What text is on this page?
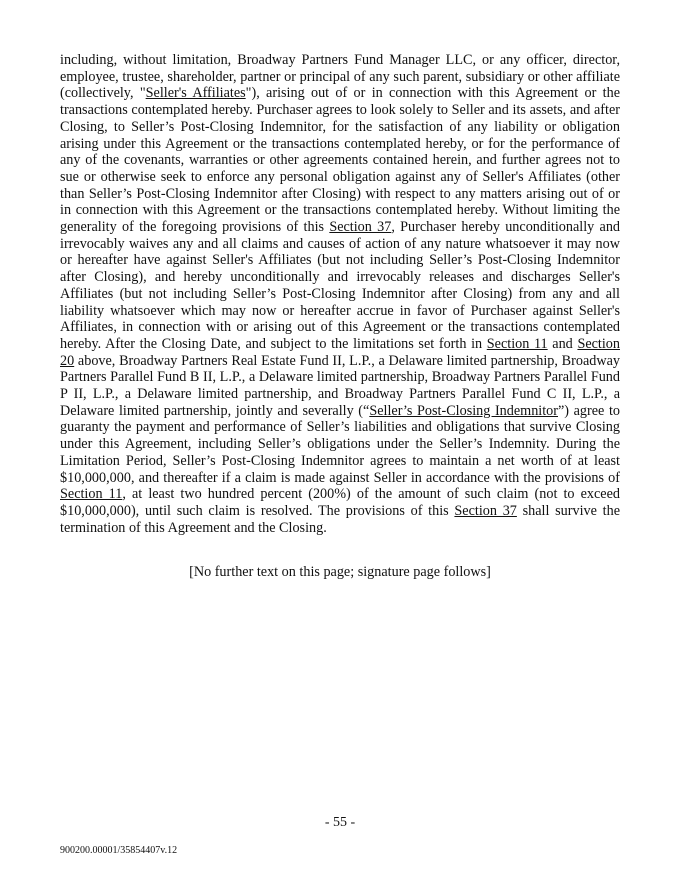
including, without limitation, Broadway Partners Fund Manager LLC, or any officer, director, employee, trustee, shareholder, partner or principal of any such parent, subsidiary or other affiliate (collectively, "Seller's Affiliates"), arising out of or in connection with this Agreement or the transactions contemplated hereby. Purchaser agrees to look solely to Seller and its assets, and after Closing, to Seller’s Post-Closing Indemnitor, for the satisfaction of any liability or obligation arising under this Agreement or the transactions contemplated hereby, or for the performance of any of the covenants, warranties or other agreements contained herein, and further agrees not to sue or otherwise seek to enforce any personal obligation against any of Seller's Affiliates (other than Seller’s Post-Closing Indemnitor after Closing) with respect to any matters arising out of or in connection with this Agreement or the transactions contemplated hereby. Without limiting the generality of the foregoing provisions of this Section 37, Purchaser hereby unconditionally and irrevocably waives any and all claims and causes of action of any nature whatsoever it may now or hereafter have against Seller's Affiliates (but not including Seller’s Post-Closing Indemnitor after Closing), and hereby unconditionally and irrevocably releases and discharges Seller's Affiliates (but not including Seller’s Post-Closing Indemnitor after Closing) from any and all liability whatsoever which may now or hereafter accrue in favor of Purchaser against Seller's Affiliates, in connection with or arising out of this Agreement or the transactions contemplated hereby. After the Closing Date, and subject to the limitations set forth in Section 11 and Section 20 above, Broadway Partners Real Estate Fund II, L.P., a Delaware limited partnership, Broadway Partners Parallel Fund B II, L.P., a Delaware limited partnership, Broadway Partners Parallel Fund P II, L.P., a Delaware limited partnership, and Broadway Partners Parallel Fund C II, L.P., a Delaware limited partnership, jointly and severally (“Seller’s Post-Closing Indemnitor”) agree to guaranty the payment and performance of Seller’s liabilities and obligations that survive Closing under this Agreement, including Seller’s obligations under the Seller’s Indemnity. During the Limitation Period, Seller’s Post-Closing Indemnitor agrees to maintain a net worth of at least $10,000,000, and thereafter if a claim is made against Seller in accordance with the provisions of Section 11, at least two hundred percent (200%) of the amount of such claim (not to exceed $10,000,000), until such claim is resolved. The provisions of this Section 37 shall survive the termination of this Agreement and the Closing.

[No further text on this page; signature page follows]

- 55 -

900200.00001/35854407v.12
